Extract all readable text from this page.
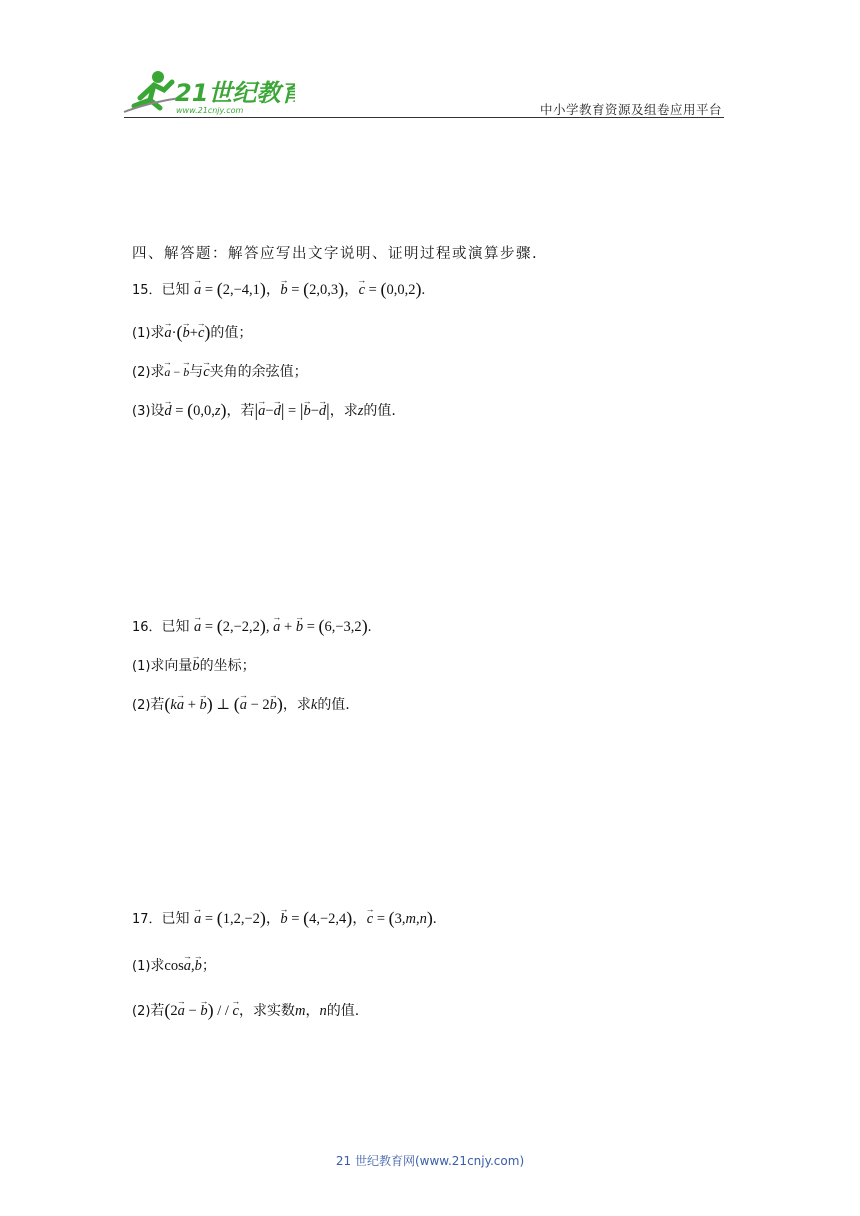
21世纪教育
www.21cnjy.com	中小学教育资源及组卷应用平台
四、解答题：解答应写出文字说明、证明过程或演算步骤.
15．已知 → a = (2,−4,1)，→ b = (2,0,3)，→ c = (0,0,2).
(1)求→ a·(→ b+→ c)的值；
(2)求→ a − → b与→ c夹角的余弦值；
(3)设→ d = (0,0,z)，若|→ a−→ d| = |→ b−→ d|，求z的值.
16．已知 → a = (2,−2,2), → a + → b = (6,−3,2).
(1)求向量→ b的坐标；
(2)若(k→ a + → b) ⊥ (→ a − 2→ b)，求k的值.
17．已知 → a = (1,2,−2)，→ b = (4,−2,4)，→ c = (3,m,n).
(1)求cos→ a,→ b；
(2)若(2→ a − → b) / / → c，求实数m，n的值.
21 世纪教育网(www.21cnjy.com)
